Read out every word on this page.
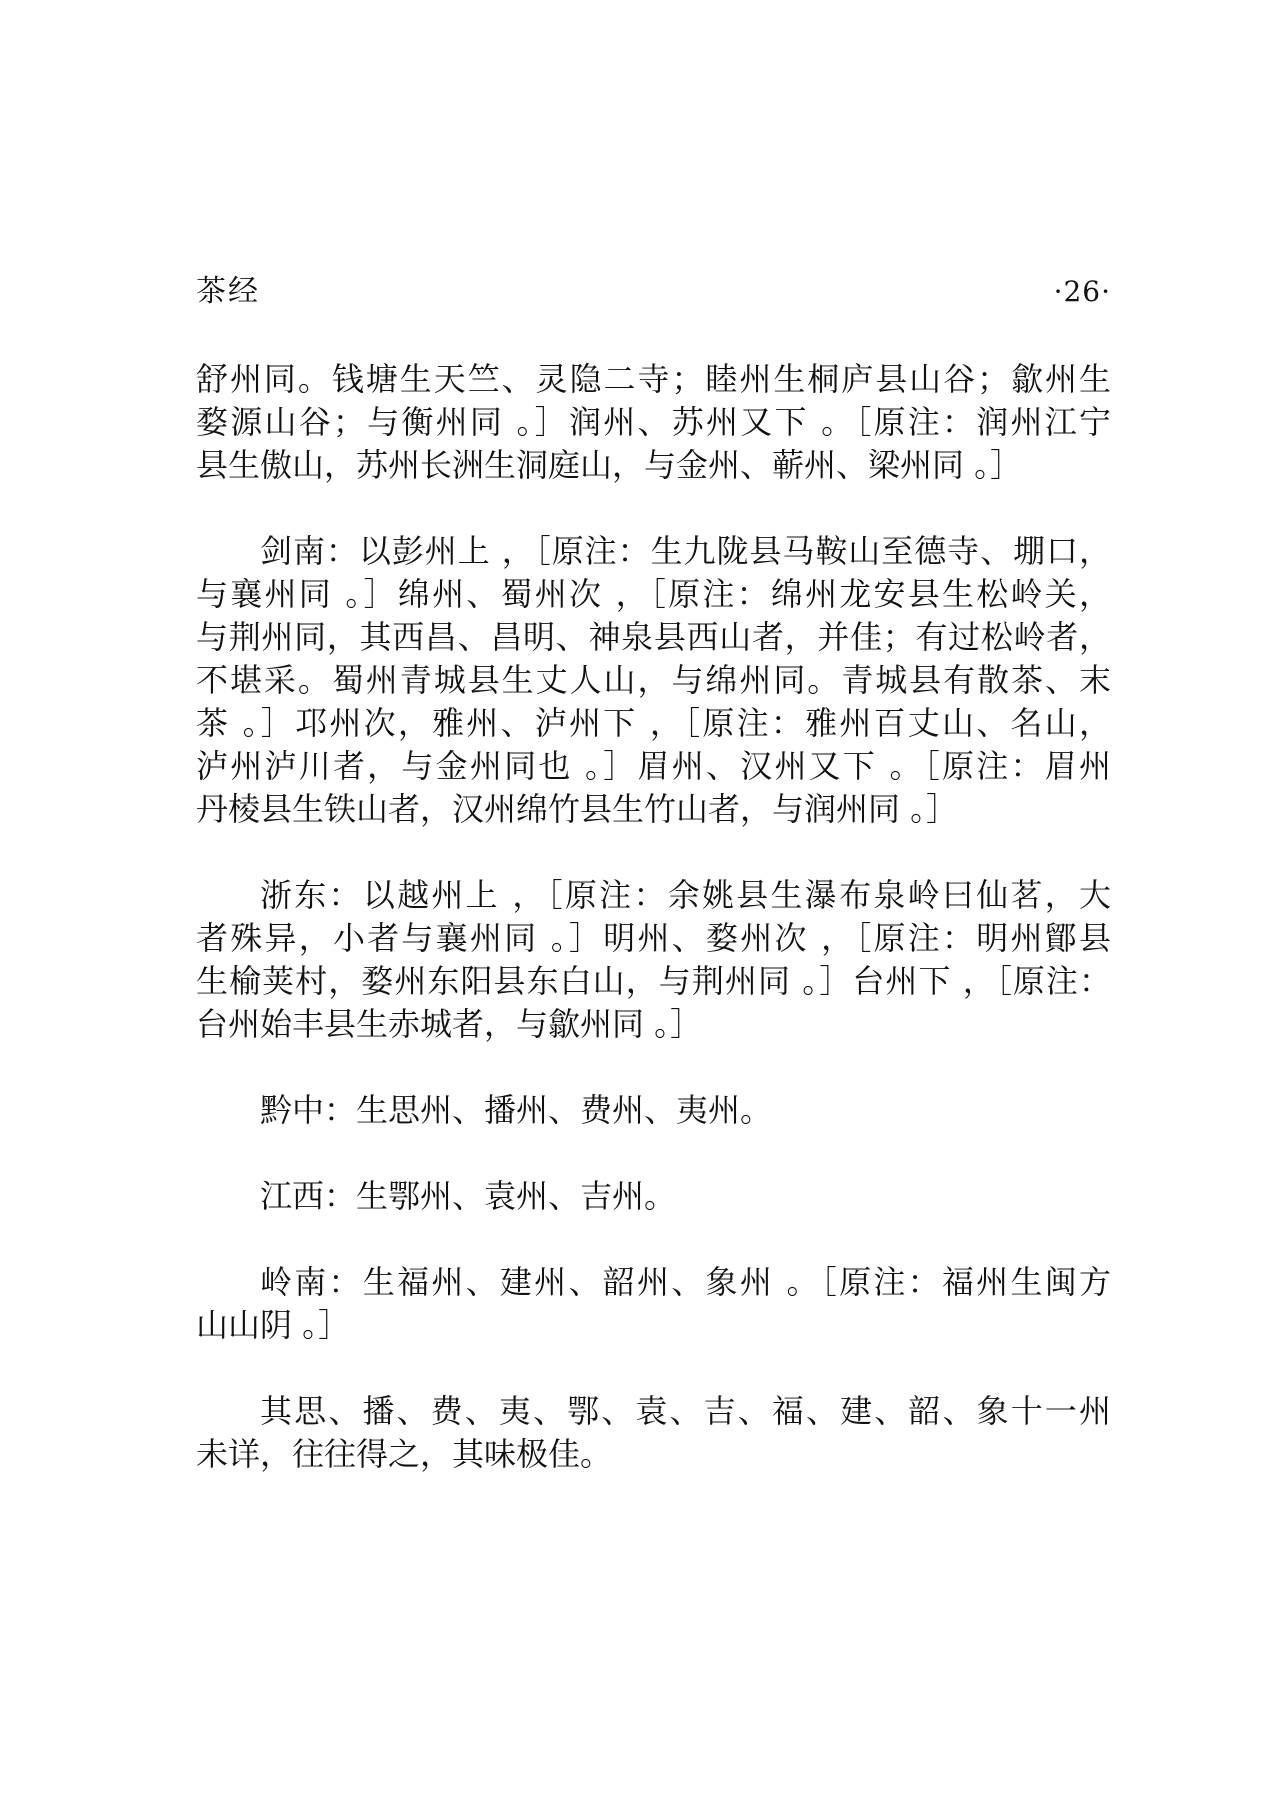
茶经	·26·
舒州同。钱塘生天竺、灵隐二寺；睦州生桐庐县山谷；歙州生
婺源山谷；与衡州同 。］润州、苏州又下 。［原注：润州江宁
县生傲山，苏州长洲生洞庭山，与金州、蕲州、梁州同 。］
剑南：以彭州上 ，［原注：生九陇县马鞍山至德寺、堋口，
与襄州同 。］绵州、蜀州次 ，［原注：绵州龙安县生松岭关，
与荆州同，其西昌、昌明、神泉县西山者，并佳；有过松岭者，
不堪采。蜀州青城县生丈人山，与绵州同。青城县有散茶、末
茶 。］邛州次，雅州、泸州下 ，［原注：雅州百丈山、名山，
泸州泸川者，与金州同也 。］眉州、汉州又下 。［原注：眉州
丹棱县生铁山者，汉州绵竹县生竹山者，与润州同 。］
浙东：以越州上 ，［原注：余姚县生瀑布泉岭曰仙茗，大
者殊异，小者与襄州同 。］明州、婺州次 ，［原注：明州鄮县
生榆荚村，婺州东阳县东白山，与荆州同 。］台州下 ，［原注：
台州始丰县生赤城者，与歙州同 。］
黔中：生思州、播州、费州、夷州。
江西：生鄂州、袁州、吉州。
岭南：生福州、建州、韶州、象州 。［原注：福州生闽方
山山阴 。］
其思、播、费、夷、鄂、袁、吉、福、建、韶、象十一州
未详，往往得之，其味极佳。
